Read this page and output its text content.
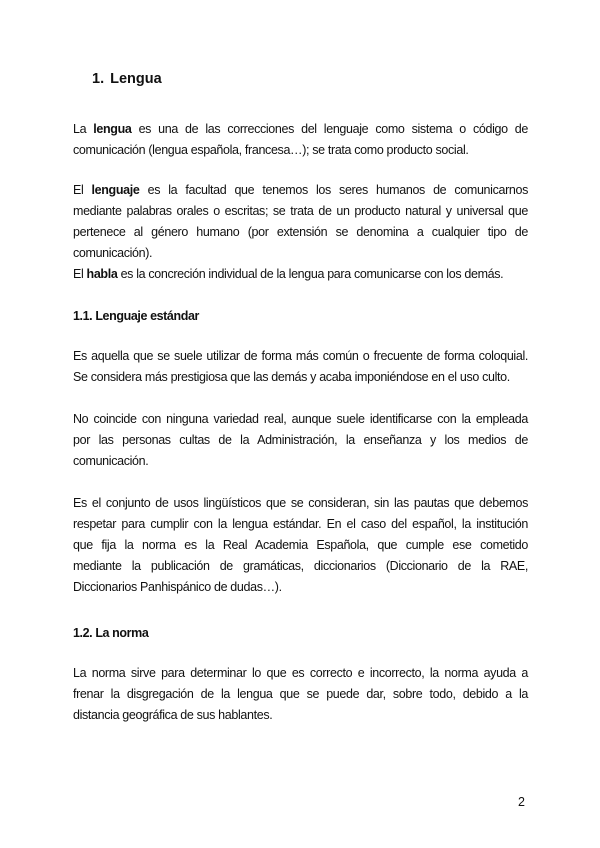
1. Lengua

La lengua es una de las correcciones del lenguaje como sistema o código de
comunicación (lengua española, francesa…); se trata como producto social.

El lenguaje es la facultad que tenemos los seres humanos de comunicarnos
mediante palabras orales o escritas; se trata de un producto natural y universal que
pertenece al género humano (por extensión se denomina a cualquier tipo de
comunicación).

El habla es la concreción individual de la lengua para comunicarse con los demás.

1.1. Lenguaje estándar

Es aquella que se suele utilizar de forma más común o frecuente de forma coloquial.
Se considera más prestigiosa que las demás y acaba imponiéndose en el uso culto.

No coincide con ninguna variedad real, aunque suele identificarse con la empleada
por las personas cultas de la Administración, la enseñanza y los medios de
comunicación.

Es el conjunto de usos lingüísticos que se consideran, sin las pautas que debemos
respetar para cumplir con la lengua estándar. En el caso del español, la institución
que fija la norma es la Real Academia Española, que cumple ese cometido
mediante la publicación de gramáticas, diccionarios (Diccionario de la RAE,
Diccionarios Panhispánico de dudas…).

1.2. La norma

La norma sirve para determinar lo que es correcto e incorrecto, la norma ayuda a
frenar la disgregación de la lengua que se puede dar, sobre todo, debido a la
distancia geográfica de sus hablantes.

2
